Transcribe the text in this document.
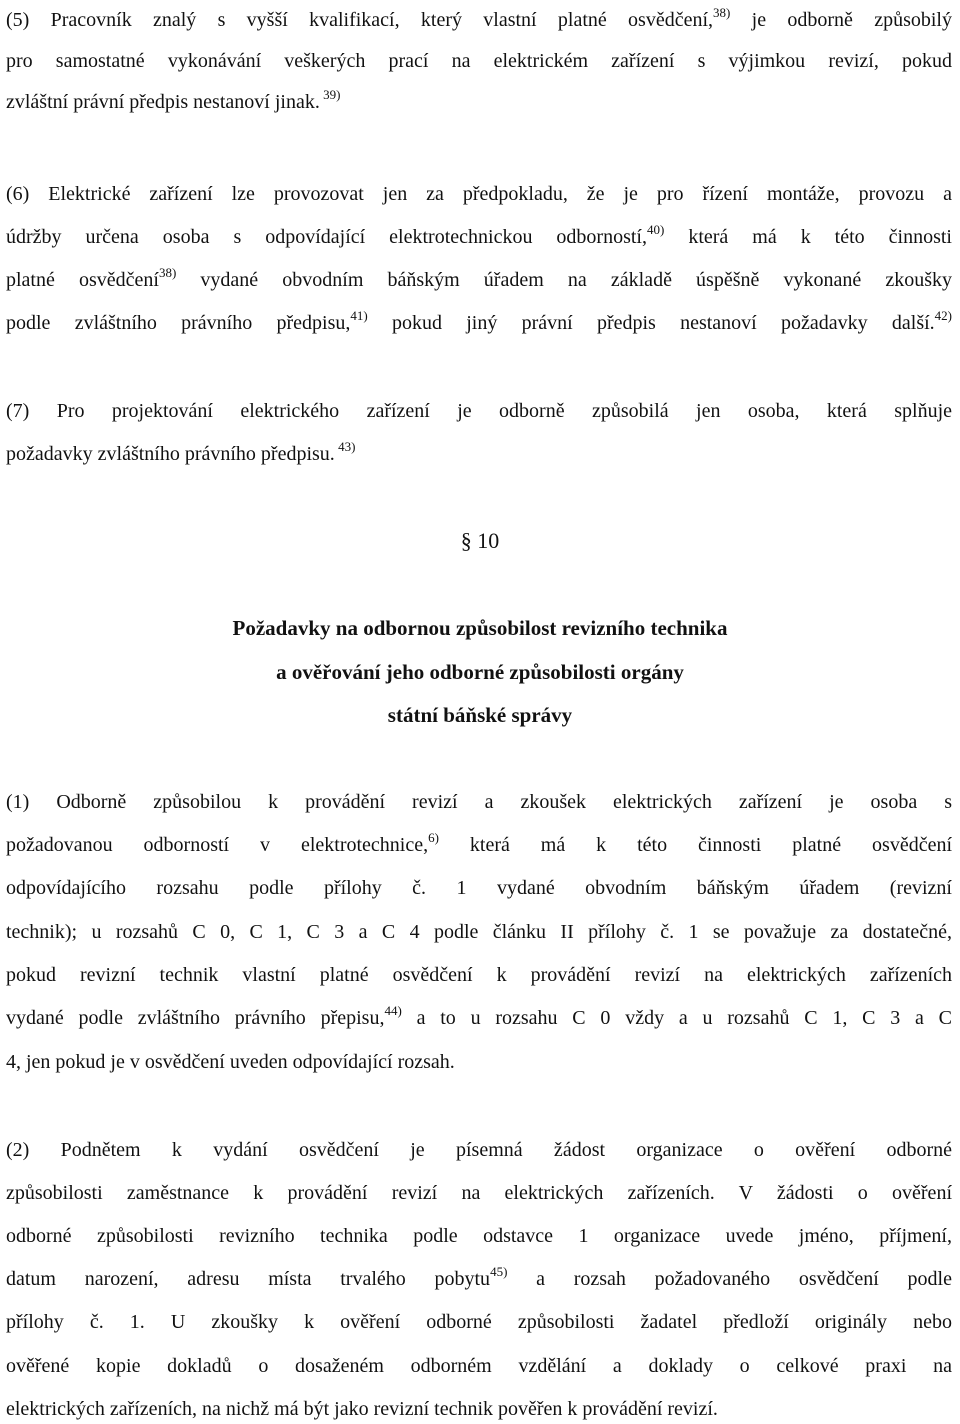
(5) Pracovník znalý s vyšší kvalifikací, který vlastní platné osvědčení,$^{38)}$ je odborně způsobilý
pro samostatné vykonávání veškerých prací na elektrickém zařízení s výjimkou revizí, pokud
zvláštní právní předpis nestanoví jinak. $^{39)}$
(6) Elektrické zařízení lze provozovat jen za předpokladu, že je pro řízení montáže, provozu a
údržby určena osoba s odpovídající elektrotechnickou odborností,$^{40)}$ která má k této činnosti
platné osvědčení$^{38)}$ vydané obvodním báňským úřadem na základě úspěšně vykonané zkoušky
podle zvláštního právního předpisu,$^{41)}$ pokud jiný právní předpis nestanoví požadavky další.$^{42)}$
(7) Pro projektování elektrického zařízení je odborně způsobilá jen osoba, která splňuje
požadavky zvláštního právního předpisu. $^{43)}$
§ 10
Požadavky na odbornou způsobilost revizního technika
a ověřování jeho odborné způsobilosti orgány
státní báňské správy
(1) Odborně způsobilou k provádění revizí a zkoušek elektrických zařízení je osoba s
požadovanou odborností v elektrotechnice,$^{6)}$ která má k této činnosti platné osvědčení
odpovídajícího rozsahu podle přílohy č. 1 vydané obvodním báňským úřadem (revizní
technik); u rozsahů C 0, C 1, C 3 a C 4 podle článku II přílohy č. 1 se považuje za dostatečné,
pokud revizní technik vlastní platné osvědčení k provádění revizí na elektrických zařízeních
vydané podle zvláštního právního přepisu,$^{44)}$ a to u rozsahu C 0 vždy a u rozsahů C 1, C 3 a C
4, jen pokud je v osvědčení uveden odpovídající rozsah.
(2) Podnětem k vydání osvědčení je písemná žádost organizace o ověření odborné
způsobilosti zaměstnance k provádění revizí na elektrických zařízeních. V žádosti o ověření
odborné způsobilosti revizního technika podle odstavce 1 organizace uvede jméno, příjmení,
datum narození, adresu místa trvalého pobytu$^{45)}$ a rozsah požadovaného osvědčení podle
přílohy č. 1. U zkoušky k ověření odborné způsobilosti žadatel předloží originály nebo
ověřené kopie dokladů o dosaženém odborném vzdělání a doklady o celkové praxi na
elektrických zařízeních, na nichž má být jako revizní technik pověřen k provádění revizí.
